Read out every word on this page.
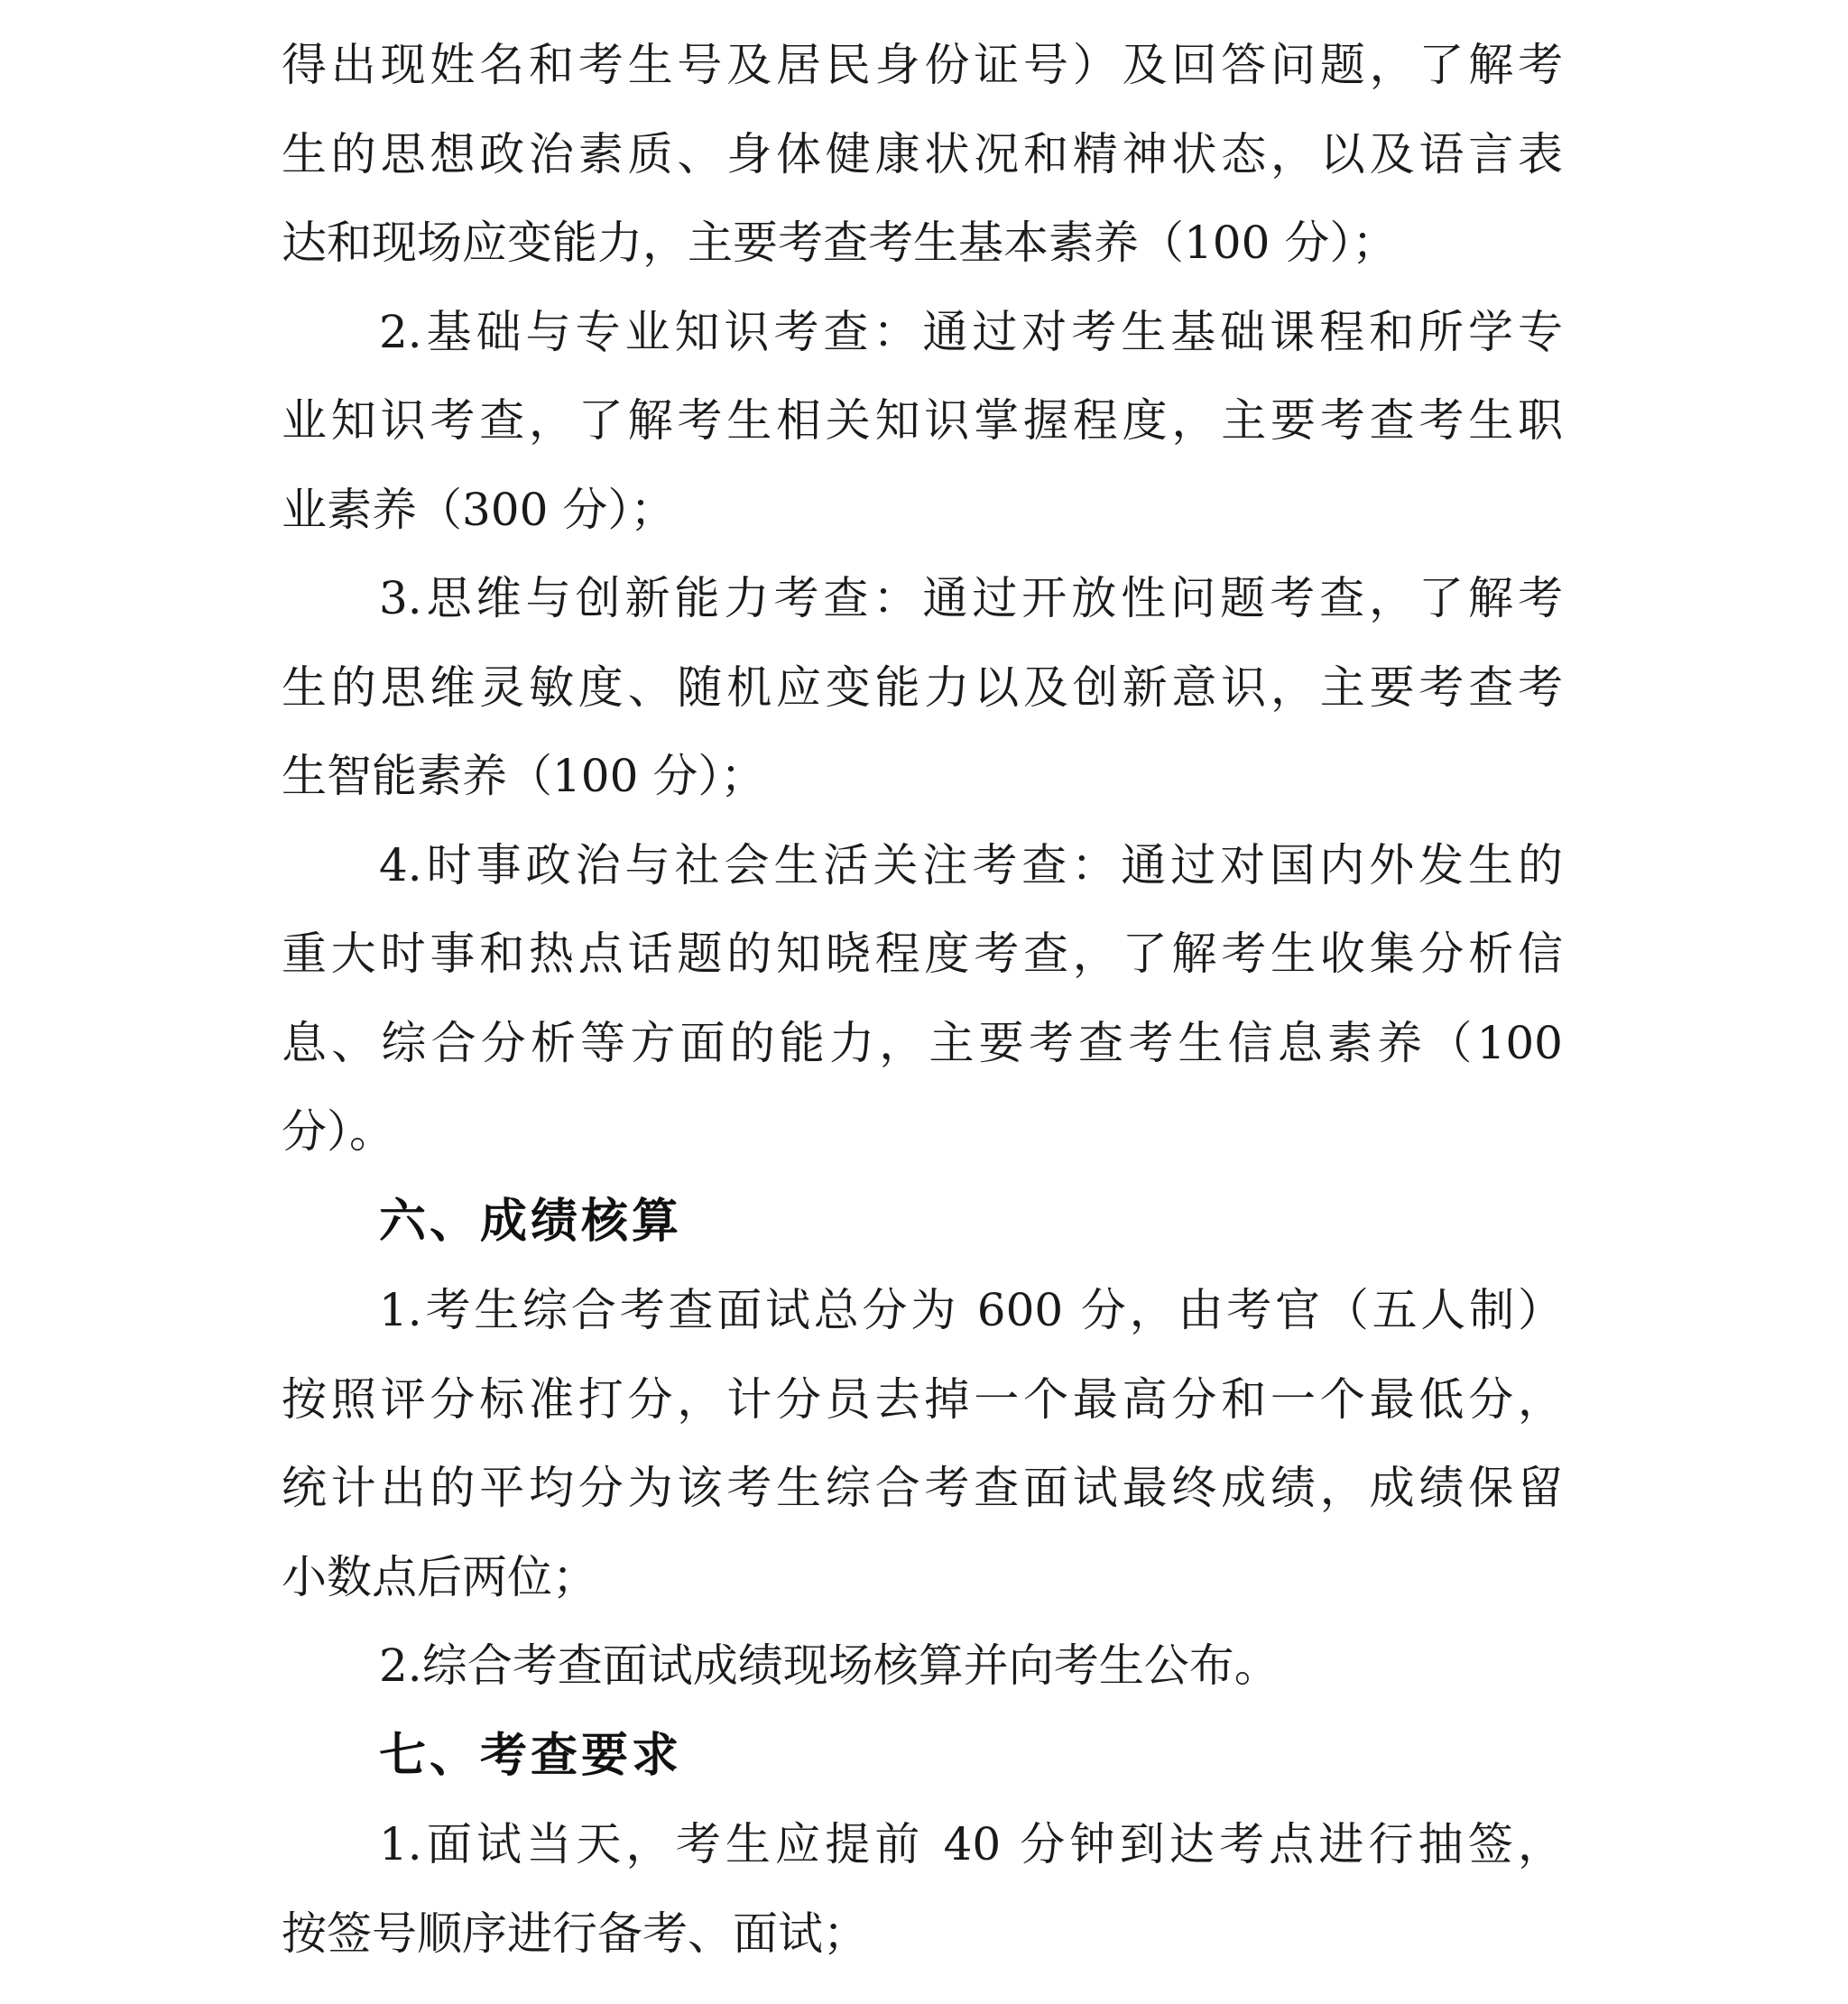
得出现姓名和考生号及居民身份证号）及回答问题，了解考
生的思想政治素质、身体健康状况和精神状态，以及语言表
达和现场应变能力，主要考查考生基本素养（100 分）；
2.基础与专业知识考查：通过对考生基础课程和所学专
业知识考查，了解考生相关知识掌握程度，主要考查考生职
业素养（300 分）；
3.思维与创新能力考查：通过开放性问题考查，了解考
生的思维灵敏度、随机应变能力以及创新意识，主要考查考
生智能素养（100 分）；
4.时事政治与社会生活关注考查：通过对国内外发生的
重大时事和热点话题的知晓程度考查，了解考生收集分析信
息、综合分析等方面的能力，主要考查考生信息素养（100
分）。
六、成绩核算
1.考生综合考查面试总分为 600 分，由考官（五人制）
按照评分标准打分，计分员去掉一个最高分和一个最低分，
统计出的平均分为该考生综合考查面试最终成绩，成绩保留
小数点后两位；
2.综合考查面试成绩现场核算并向考生公布。
七、考查要求
1.面试当天，考生应提前 40 分钟到达考点进行抽签，
按签号顺序进行备考、面试；
